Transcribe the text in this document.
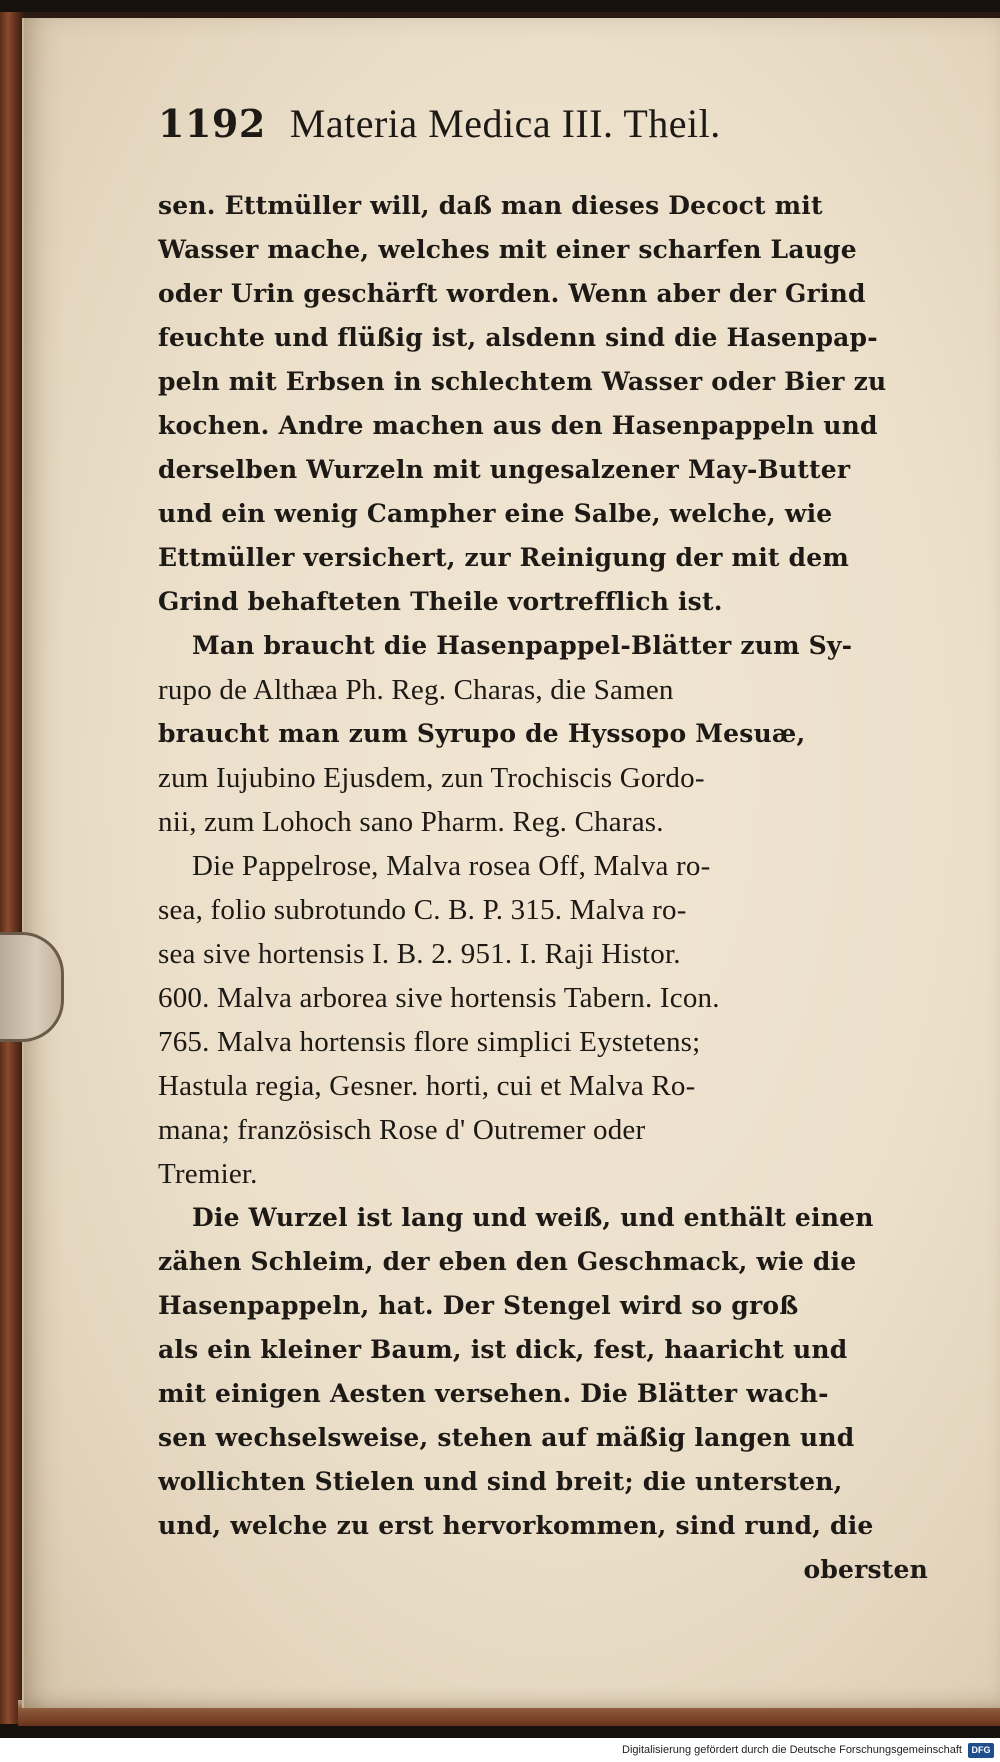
1192 Materia Medica III. Theil.
sen. Ettmüller will, daß man dieses Decoct mit
Wasser mache, welches mit einer scharfen Lauge
oder Urin geschärft worden. Wenn aber der Grind
feuchte und flüßig ist, alsdenn sind die Hasenpap-
peln mit Erbsen in schlechtem Wasser oder Bier zu
kochen. Andre machen aus den Hasenpappeln und
derselben Wurzeln mit ungesalzener May-Butter
und ein wenig Campher eine Salbe, welche, wie
Ettmüller versichert, zur Reinigung der mit dem
Grind behafteten Theile vortrefflich ist.
Man braucht die Hasenpappel-Blätter zum Sy-
rupo de Althæa Ph. Reg. Charas, die Samen
braucht man zum Syrupo de Hyssopo Mesuæ,
zum Iujubino Ejusdem, zun Trochiscis Gordo-
nii, zum Lohoch sano Pharm. Reg. Charas.
Die Pappelrose, Malva rosea Off, Malva ro-
sea, folio subrotundo C. B. P. 315. Malva ro-
sea sive hortensis I. B. 2. 951. I. Raji Histor.
600. Malva arborea sive hortensis Tabern. Icon.
765. Malva hortensis flore simplici Eystetens;
Hastula regia, Gesner. horti, cui et Malva Ro-
mana; französisch Rose d' Outremer oder
Tremier.
Die Wurzel ist lang und weiß, und enthält einen
zähen Schleim, der eben den Geschmack, wie die
Hasenpappeln, hat. Der Stengel wird so groß
als ein kleiner Baum, ist dick, fest, haaricht und
mit einigen Aesten versehen. Die Blätter wach-
sen wechselsweise, stehen auf mäßig langen und
wollichten Stielen und sind breit; die untersten,
und, welche zu erst hervorkommen, sind rund, die
obersten
Digitalisierung gefördert durch die Deutsche Forschungsgemeinschaft	DFG
